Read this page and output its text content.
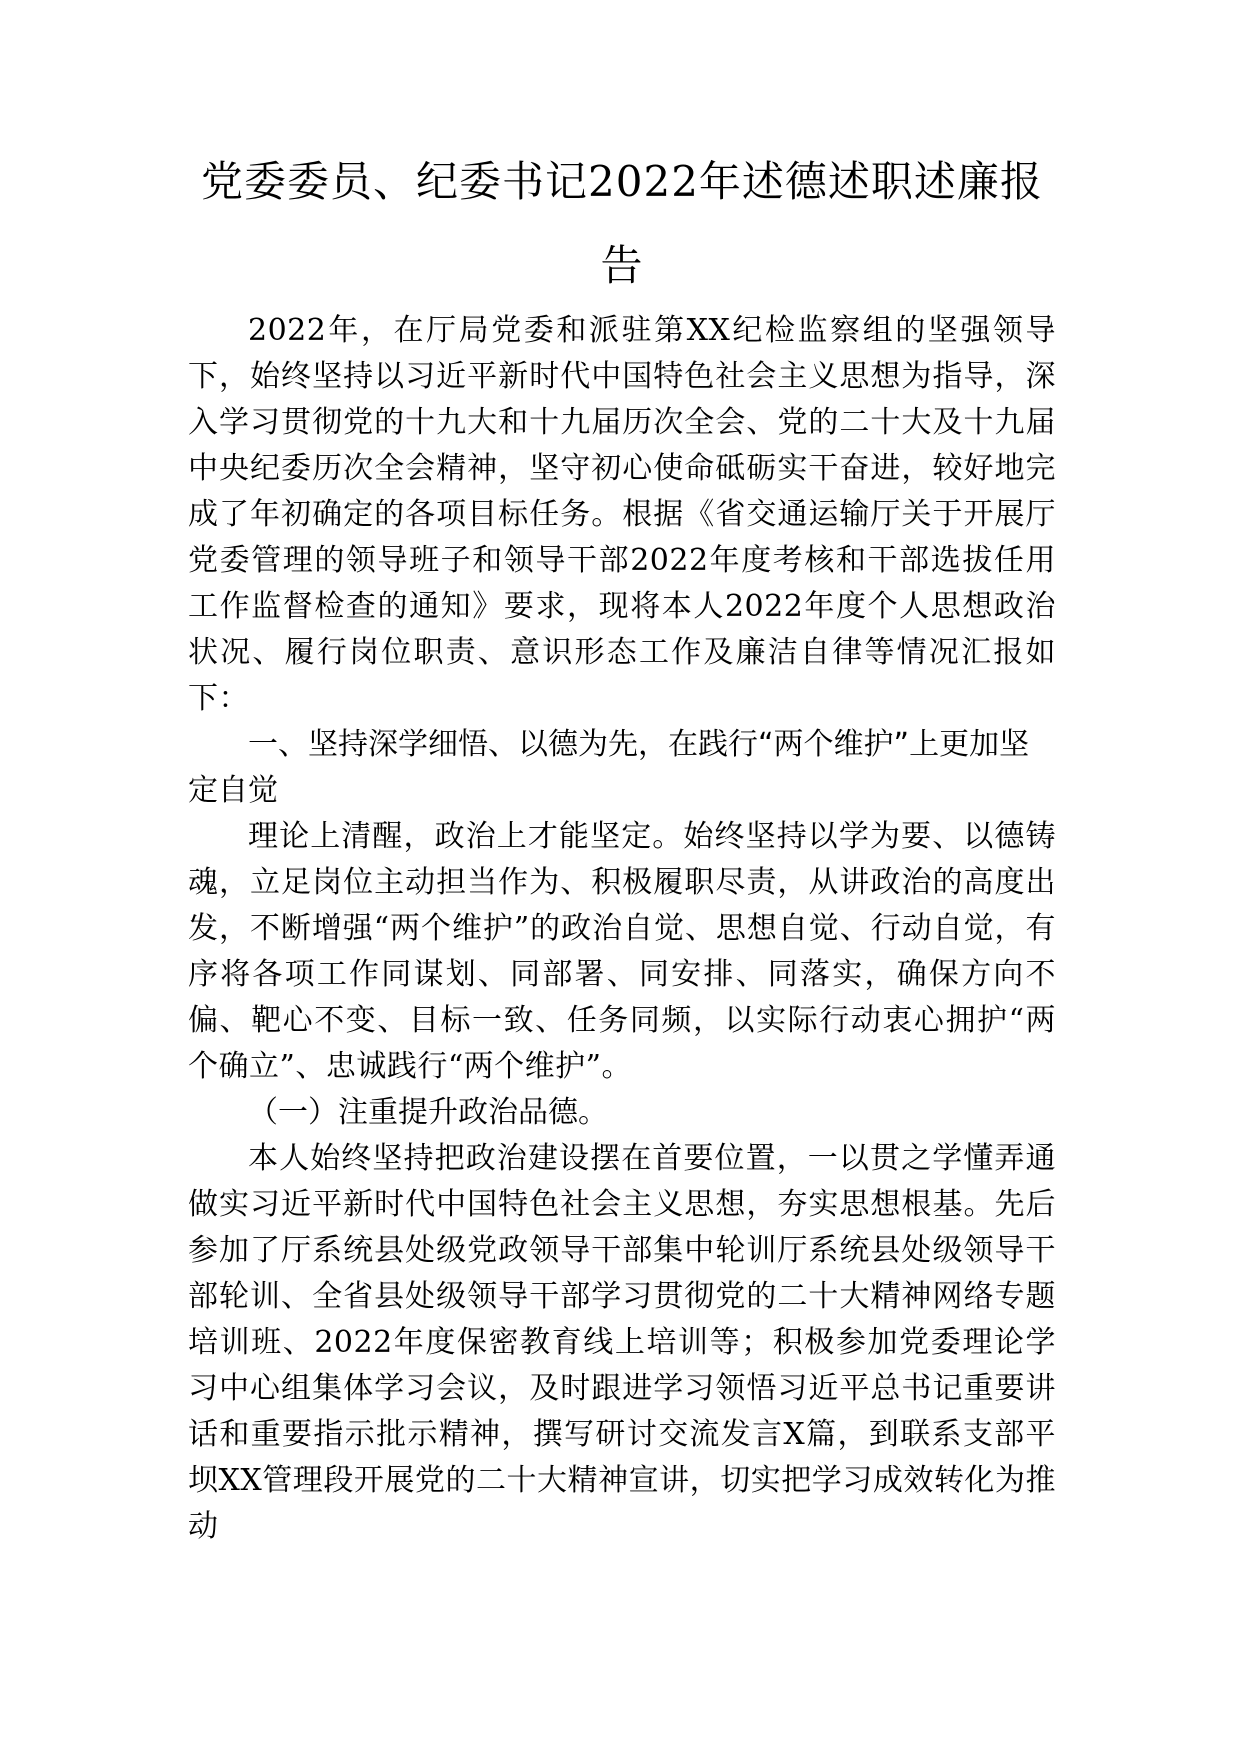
党委委员、纪委书记2022年述德述职述廉报告

2022年，在厅局党委和派驻第XX纪检监察组的坚强领导下，始终坚持以习近平新时代中国特色社会主义思想为指导，深入学习贯彻党的十九大和十九届历次全会、党的二十大及十九届中央纪委历次全会精神，坚守初心使命砥砺实干奋进，较好地完成了年初确定的各项目标任务。根据《省交通运输厅关于开展厅党委管理的领导班子和领导干部2022年度考核和干部选拔任用工作监督检查的通知》要求，现将本人2022年度个人思想政治状况、履行岗位职责、意识形态工作及廉洁自律等情况汇报如下：

一、坚持深学细悟、以德为先，在践行“两个维护”上更加坚定自觉

理论上清醒，政治上才能坚定。始终坚持以学为要、以德铸魂，立足岗位主动担当作为、积极履职尽责，从讲政治的高度出发，不断增强“两个维护”的政治自觉、思想自觉、行动自觉，有序将各项工作同谋划、同部署、同安排、同落实，确保方向不偏、靶心不变、目标一致、任务同频，以实际行动衷心拥护“两个确立”、忠诚践行“两个维护”。

（一）注重提升政治品德。

本人始终坚持把政治建设摆在首要位置，一以贯之学懂弄通做实习近平新时代中国特色社会主义思想，夯实思想根基。先后参加了厅系统县处级党政领导干部集中轮训厅系统县处级领导干部轮训、全省县处级领导干部学习贯彻党的二十大精神网络专题培训班、2022年度保密教育线上培训等；积极参加党委理论学习中心组集体学习会议，及时跟进学习领悟习近平总书记重要讲话和重要指示批示精神，撰写研讨交流发言X篇，到联系支部平坝XX管理段开展党的二十大精神宣讲，切实把学习成效转化为推动
